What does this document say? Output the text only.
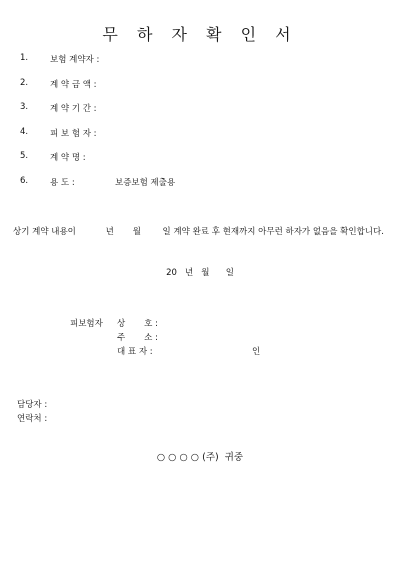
무 하 자 확 인 서
1.	보험 계약자 :
2.	계 약 금 액 :
3.	계 약 기 간 :
4.	피 보 험 자 :
5.	계 약 명 :
6.	용 도 :	보증보험 제출용
상기 계약 내용이           년       월        일 계약 완료 후 현재까지 아무런 하자가 없음을 확인합니다.
20   년   월      일
피보험자 상       호 :
주       소 :
대 표 자 :	인
담당자 :
연락처 :
○ ○ ○ ○ (주)  귀중
